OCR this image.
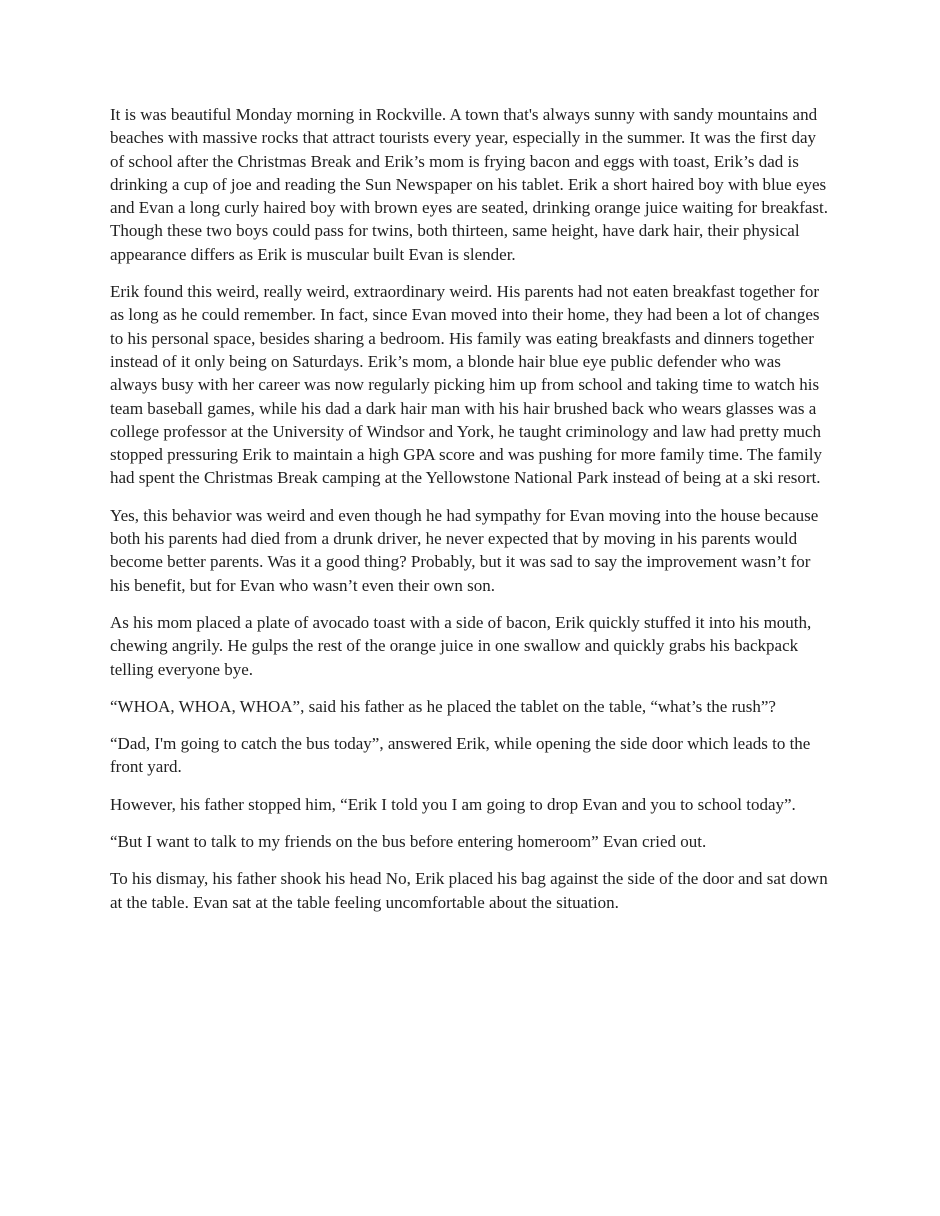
It is was beautiful Monday morning in Rockville. A town that's always sunny with sandy mountains and beaches with massive rocks that attract tourists every year, especially in the summer. It was the first day of school after the Christmas Break and Erik’s mom is frying bacon and eggs with toast, Erik’s dad is drinking a cup of joe and reading the Sun Newspaper on his tablet. Erik a short haired boy with blue eyes and Evan a long curly haired boy with brown eyes are seated, drinking orange juice waiting for breakfast. Though these two boys could pass for twins, both thirteen, same height, have dark hair, their physical appearance differs as Erik is muscular built Evan is slender.

Erik found this weird, really weird, extraordinary weird. His parents had not eaten breakfast together for as long as he could remember. In fact, since Evan moved into their home, they had been a lot of changes to his personal space, besides sharing a bedroom. His family was eating breakfasts and dinners together instead of it only being on Saturdays. Erik’s mom, a blonde hair blue eye public defender who was always busy with her career was now regularly picking him up from school and taking time to watch his team baseball games, while his dad a dark hair man with his hair brushed back who wears glasses was a college professor at the University of Windsor and York, he taught criminology and law had pretty much stopped pressuring Erik to maintain a high GPA score and was pushing for more family time. The family had spent the Christmas Break camping at the Yellowstone National Park instead of being at a ski resort.

Yes, this behavior was weird and even though he had sympathy for Evan moving into the house because both his parents had died from a drunk driver, he never expected that by moving in his parents would become better parents. Was it a good thing? Probably, but it was sad to say the improvement wasn’t for his benefit, but for Evan who wasn’t even their own son.

As his mom placed a plate of avocado toast with a side of bacon, Erik quickly stuffed it into his mouth, chewing angrily. He gulps the rest of the orange juice in one swallow and quickly grabs his backpack telling everyone bye.

“WHOA, WHOA, WHOA”, said his father as he placed the tablet on the table, “what’s the rush”?

“Dad, I'm going to catch the bus today”, answered Erik, while opening the side door which leads to the front yard.

However, his father stopped him, “Erik I told you I am going to drop Evan and you to school today”.

“But I want to talk to my friends on the bus before entering homeroom” Evan cried out.

To his dismay, his father shook his head No, Erik placed his bag against the side of the door and sat down at the table. Evan sat at the table feeling uncomfortable about the situation.
